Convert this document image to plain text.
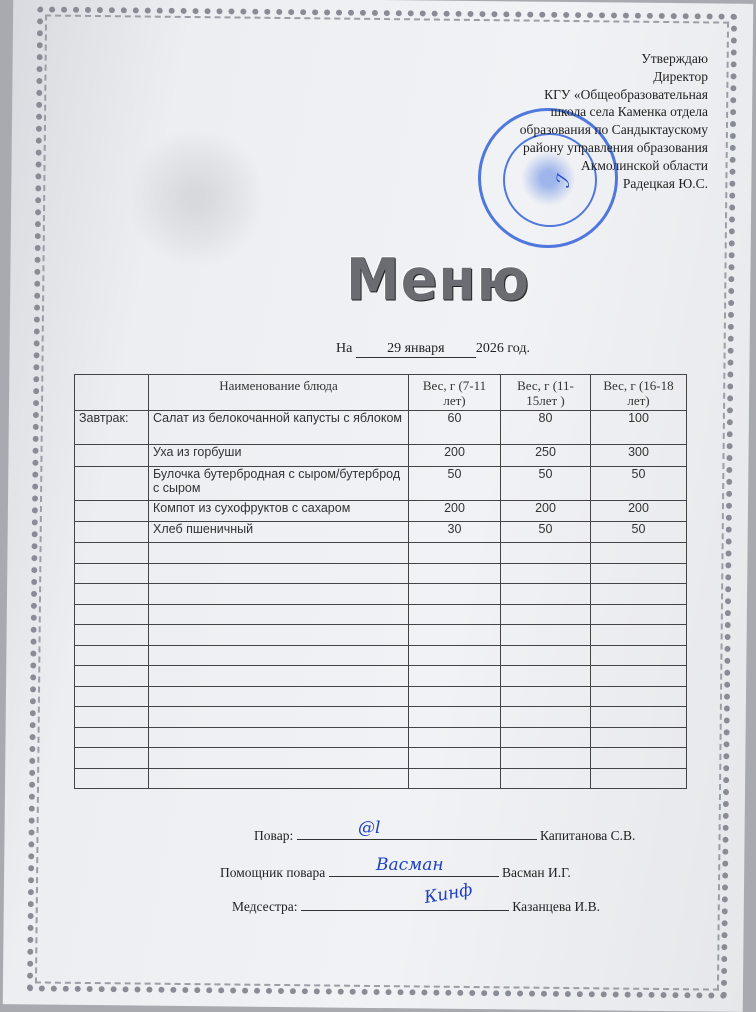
Утверждаю
Директор
КГУ «Общеобразовательная
школа села Каменка отдела
образования по Сандыктаускому
району управления образования
Акмолинской области
Радецкая Ю.С.
ℐ
Меню
На 29 января 2026 год.
	Наименование блюда	Вес, г (7-11 лет)	Вес, г (11-15лет )	Вес, г (16-18 лет)
Завтрак:	Салат из белокочанной капусты с яблоком	60	80	100
	Уха из горбуши	200	250	300
	Булочка бутербродная с сыром/бутерброд с сыром	50	50	50
	Компот из сухофруктов с сахаром	200	200	200
	Хлеб пшеничный	30	50	50

Повар:	Капитанова С.В.
@l
Помощник повара	Васман И.Г.
Васман
Медсестра:	Казанцева И.В.
Кинф
